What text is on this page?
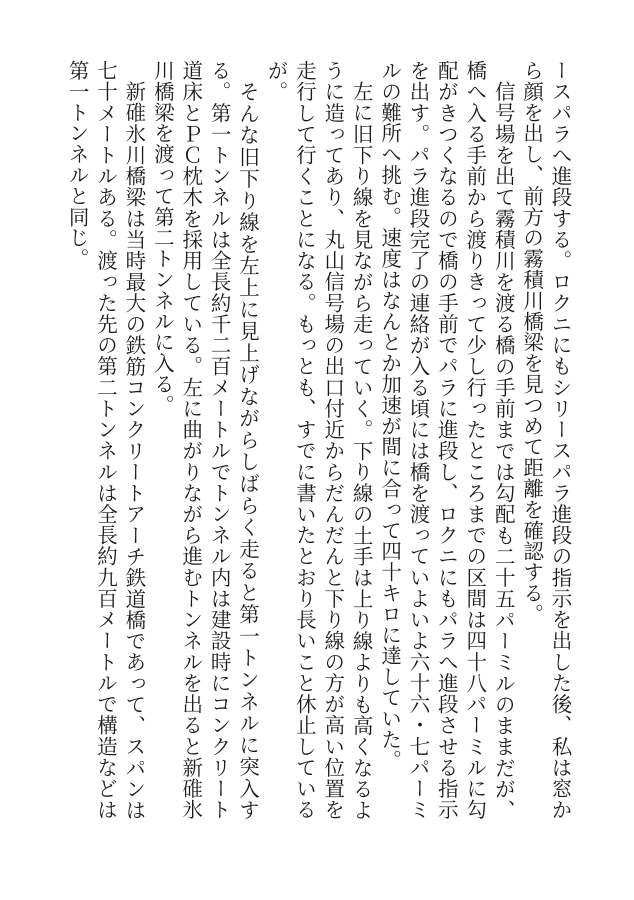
ースパラへ進段する。ロクニにもシリースパラ進段の指示を出した後、私は窓から顔を出し、前方の霧積川橋梁を見つめて距離を確認する。

信号場を出て霧積川を渡る橋の手前までは勾配も二十五パーミルのままだが、橋へ入る手前から渡りきって少し行ったところまでの区間は四十八パーミルに勾配がきつくなるので橋の手前でパラに進段し、ロクニにもパラへ進段させる指示を出す。パラ進段完了の連絡が入る頃には橋を渡っていよいよ六十六・七パーミルの難所へ挑む。速度はなんとか加速が間に合って四十キロに達していた。

左に旧下り線を見ながら走っていく。下り線の土手は上り線よりも高くなるように造ってあり、丸山信号場の出口付近からだんだんと下り線の方が高い位置を走行して行くことになる。もっとも、すでに書いたとおり長いこと休止しているが。

そんな旧下り線を左上に見上げながらしばらく走ると第一トンネルに突入する。第一トンネルは全長約千二百メートルでトンネル内は建設時にコンクリート道床とＰＣ枕木を採用している。左に曲がりながら進むトンネルを出ると新碓氷川橋梁を渡って第二トンネルに入る。

新碓氷川橋梁は当時最大の鉄筋コンクリートアーチ鉄道橋であって、スパンは七十メートルある。渡った先の第二トンネルは全長約九百メートルで構造などは第一トンネルと同じ。
